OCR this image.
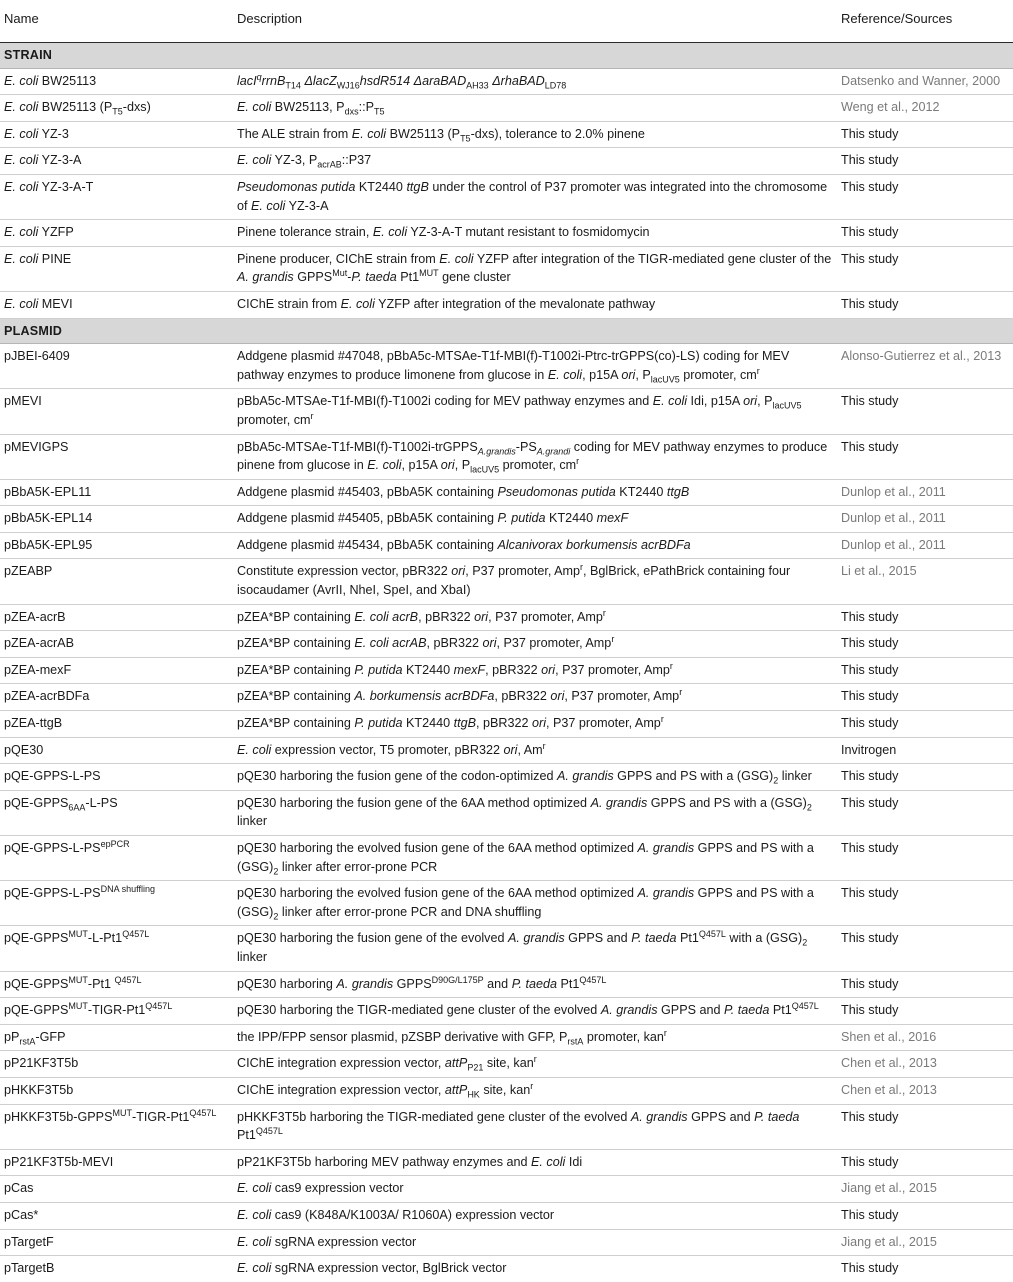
Name	Description	Reference/Sources
STRAIN		
E. coli BW25113	lacI$^q$rrnB$_{T14}$ ΔlacZ$_{WJ16}$hsdR514 ΔaraBAD$_{AH33}$ ΔrhaBAD$_{LD78}$	Datsenko and Wanner, 2000
E. coli BW25113 $(P_{T5}-dxs)$	E. coli BW25113, $P_{dxs}::P_{T5}$	Weng et al., 2012
E. coli YZ-3	The ALE strain from E. coli BW25113 $(P_{T5}-dxs)$, tolerance to 2.0% pinene	This study
E. coli YZ-3-A	E. coli YZ-3, $P_{acrAB}::P37$	This study
E. coli YZ-3-A-T	Pseudomonas putida KT2440 ttgB under the control of P37 promoter was integrated into the chromosome of E. coli YZ-3-A	This study
E. coli YZFP	Pinene tolerance strain, E. coli YZ-3-A-T mutant resistant to fosmidomycin	This study
E. coli PINE	Pinene producer, CIChE strain from E. coli YZFP after integration of the TIGR-mediated gene cluster of the A. grandis $GPPS^{Mut}-P$. taeda $Pt1^{MUT}$ gene cluster	This study
E. coli MEVI	CIChE strain from E. coli YZFP after integration of the mevalonate pathway	This study
PLASMID		
pJBEI-6409	Addgene plasmid #47048, pBbA5c-MTSAe-T1f-MBI(f)-T1002i-Ptrc-trGPPS(co)-LS) coding for MEV pathway enzymes to produce limonene from glucose in E. coli, p15A ori, $P_{lacUV5}$ promoter, $cm^r$	Alonso-Gutierrez et al., 2013
pMEVI	pBbA5c-MTSAe-T1f-MBI(f)-T1002i coding for MEV pathway enzymes and E. coli Idi, p15A ori, $P_{lacUV5}$ promoter, $cm^r$	This study
pMEVIGPS	$pBbA5c-MTSAe-T1f-MBI(f)-T1002i-trGPPS_{A.grandis}-PS_{A.grandi}$ coding for MEV pathway enzymes to produce pinene from glucose in E. coli, p15A ori, $P_{lacUV5}$ promoter, $cm^r$	This study
pBbA5K-EPL11	Addgene plasmid #45403, pBbA5K containing Pseudomonas putida KT2440 ttgB	Dunlop et al., 2011
pBbA5K-EPL14	Addgene plasmid #45405, pBbA5K containing P. putida KT2440 mexF	Dunlop et al., 2011
pBbA5K-EPL95	Addgene plasmid #45434, pBbA5K containing Alcanivorax borkumensis acrBDFa	Dunlop et al., 2011
pZEABP	Constitute expression vector, pBR322 ori, P37 promoter, Amp$^r$, BglBrick, ePathBrick containing four isocaudamer (AvrII, NheI, SpeI, and XbaI)	Li et al., 2015
pZEA-acrB	pZEA*BP containing E. coli acrB, pBR322 ori, P37 promoter, Amp$^r$	This study
pZEA-acrAB	pZEA*BP containing E. coli acrAB, pBR322 ori, P37 promoter, Amp$^r$	This study
pZEA-mexF	pZEA*BP containing P. putida KT2440 mexF, pBR322 ori, P37 promoter, Amp$^r$	This study
pZEA-acrBDFa	pZEA*BP containing A. borkumensis acrBDFa, pBR322 ori, P37 promoter, Amp$^r$	This study
pZEA-ttgB	pZEA*BP containing P. putida KT2440 ttgB, pBR322 ori, P37 promoter, Amp$^r$	This study
pQE30	E. coli expression vector, T5 promoter, pBR322 ori, Am$^r$	Invitrogen
pQE-GPPS-L-PS	pQE30 harboring the fusion gene of the codon-optimized A. grandis GPPS and PS with a $(GSG)_2$ linker	This study
pQE-$GPPS_{6AA}-L-PS$	pQE30 harboring the fusion gene of the 6AA method optimized A. grandis GPPS and PS with a $(GSG)_2$ linker	This study
pQE-$GPPS-L-PS^{epPCR}$	pQE30 harboring the evolved fusion gene of the 6AA method optimized A. grandis GPPS and PS with a $(GSG)_2$ linker after error-prone PCR	This study
pQE-$GPPS-L-PS^{DNA shuffling}$	pQE30 harboring the evolved fusion gene of the 6AA method optimized A. grandis GPPS and PS with a $(GSG)_2$ linker after error-prone PCR and DNA shuffling	This study
pQE-$GPPS^{MUT}-L-Pt1^{Q457L}$	pQE30 harboring the fusion gene of the evolved A. grandis GPPS and P. taeda $Pt1^{Q457L}$ with a $(GSG)_2$ linker	This study
pQE-$GPPS^{MUT}-Pt1$ $^{Q457L}$	pQE30 harboring A. grandis $GPPS^{D90G/L175P}$ and P. taeda $Pt1^{Q457L}$	This study
pQE-$GPPS^{MUT}-TIGR-Pt1^{Q457L}$	pQE30 harboring the TIGR-mediated gene cluster of the evolved A. grandis GPPS and P. taeda $Pt1^{Q457L}$	This study
$pP_{rstA}$-GFP	the IPP/FPP sensor plasmid, pZSBP derivative with GFP, $P_{rstA}$ promoter, kan$^r$	Shen et al., 2016
pP21KF3T5b	CIChE integration expression vector, attP$_{P21}$ site, kan$^r$	Chen et al., 2013
pHKKF3T5b	CIChE integration expression vector, attP$_{HK}$ site, kan$^r$	Chen et al., 2013
$pHKKF3T5b-GPPS^{MUT}-TIGR-Pt1^{Q457L}$	pHKKF3T5b harboring the TIGR-mediated gene cluster of the evolved A. grandis GPPS and P. taeda $Pt1^{Q457L}$	This study
pP21KF3T5b-MEVI	pP21KF3T5b harboring MEV pathway enzymes and E. coli Idi	This study
pCas	E. coli cas9 expression vector	Jiang et al., 2015
pCas*	E. coli cas9 (K848A/K1003A/ R1060A) expression vector	This study
pTargetF	E. coli sgRNA expression vector	Jiang et al., 2015
pTargetB	E. coli sgRNA expression vector, BglBrick vector	This study
